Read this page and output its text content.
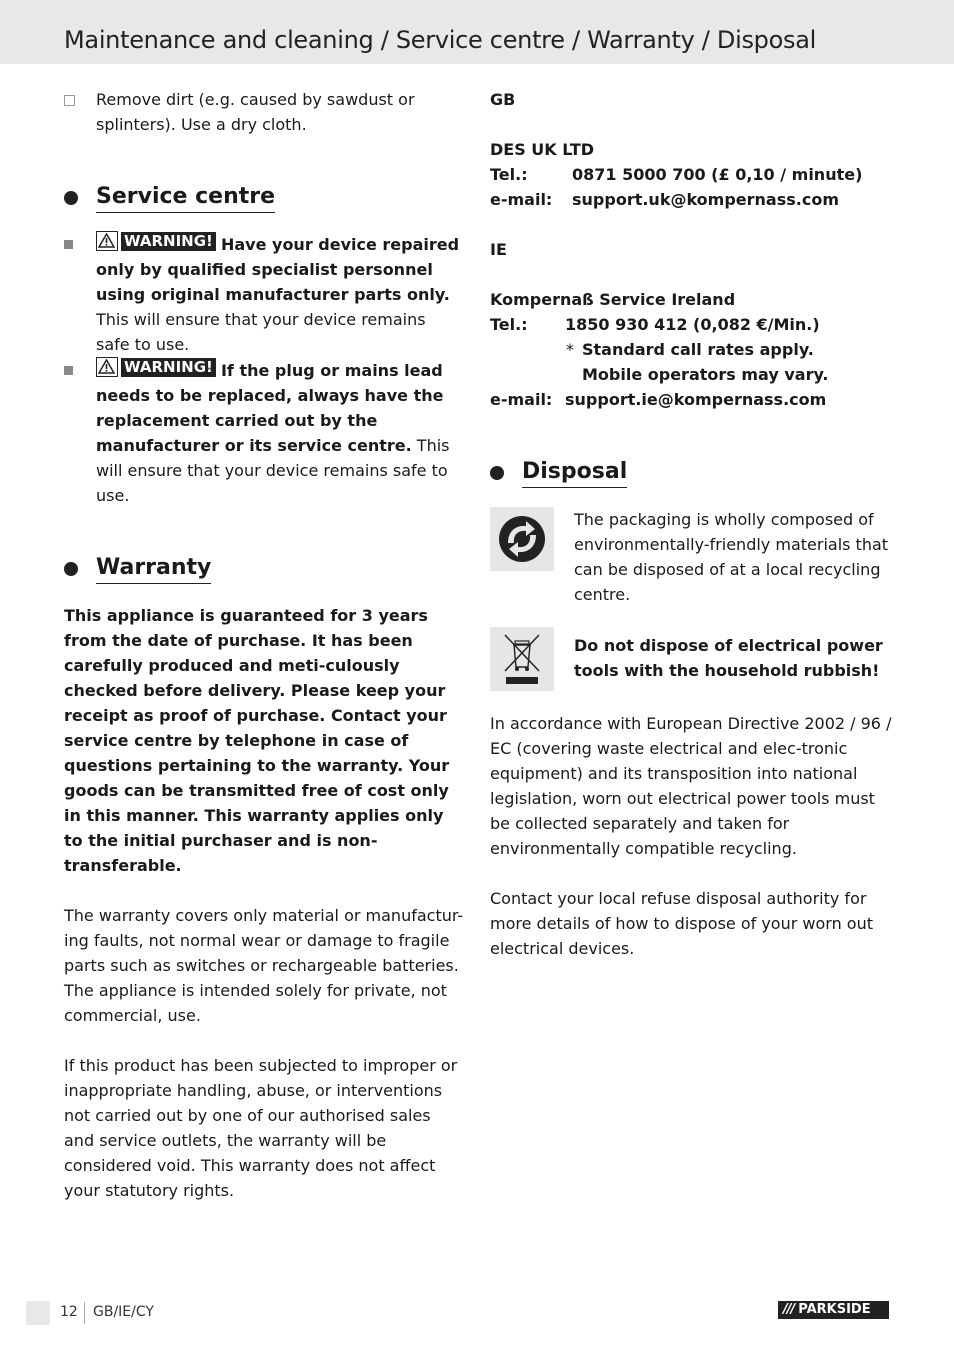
Maintenance and cleaning / Service centre / Warranty / Disposal

Remove dirt (e.g. caused by sawdust or splinters). Use a dry cloth.

Service centre

WARNING! Have your device repaired only by qualified specialist personnel using original manufacturer parts only. This will ensure that your device remains safe to use.

WARNING! If the plug or mains lead needs to be replaced, always have the replacement carried out by the manufacturer or its service centre. This will ensure that your device remains safe to use.

Warranty

This appliance is guaranteed for 3 years from the date of purchase. It has been carefully produced and meti-culously checked before delivery. Please keep your receipt as proof of purchase. Contact your service centre by telephone in case of questions pertaining to the warranty. Your goods can be transmitted free of cost only in this manner. This warranty applies only to the initial purchaser and is non-transferable.

The warranty covers only material or manufactur-ing faults, not normal wear or damage to fragile parts such as switches or rechargeable batteries. The appliance is intended solely for private, not commercial, use.

If this product has been subjected to improper or inappropriate handling, abuse, or interventions not carried out by one of our authorised sales and service outlets, the warranty will be considered void. This warranty does not affect your statutory rights.

GB

DES UK LTD

Tel.:	0871 5000 700 (£ 0,10 / minute)
e-mail:	support.uk@kompernass.com

IE

Kompernaß Service Ireland

Tel.:	1850 930 412 (0,082 €/Min.)
* Standard call rates apply.
Mobile operators may vary.
e-mail: support.ie@kompernass.com
Disposal

The packaging is wholly composed of environmentally-friendly materials that can be disposed of at a local recycling centre.

Do not dispose of electrical power tools with the household rubbish!

In accordance with European Directive 2002 / 96 / EC (covering waste electrical and elec-tronic equipment) and its transposition into national legislation, worn out electrical power tools must be collected separately and taken for environmentally compatible recycling.

Contact your local refuse disposal authority for more details of how to dispose of your worn out electrical devices.

12 GB/IE/CY	/// PARKSIDE
